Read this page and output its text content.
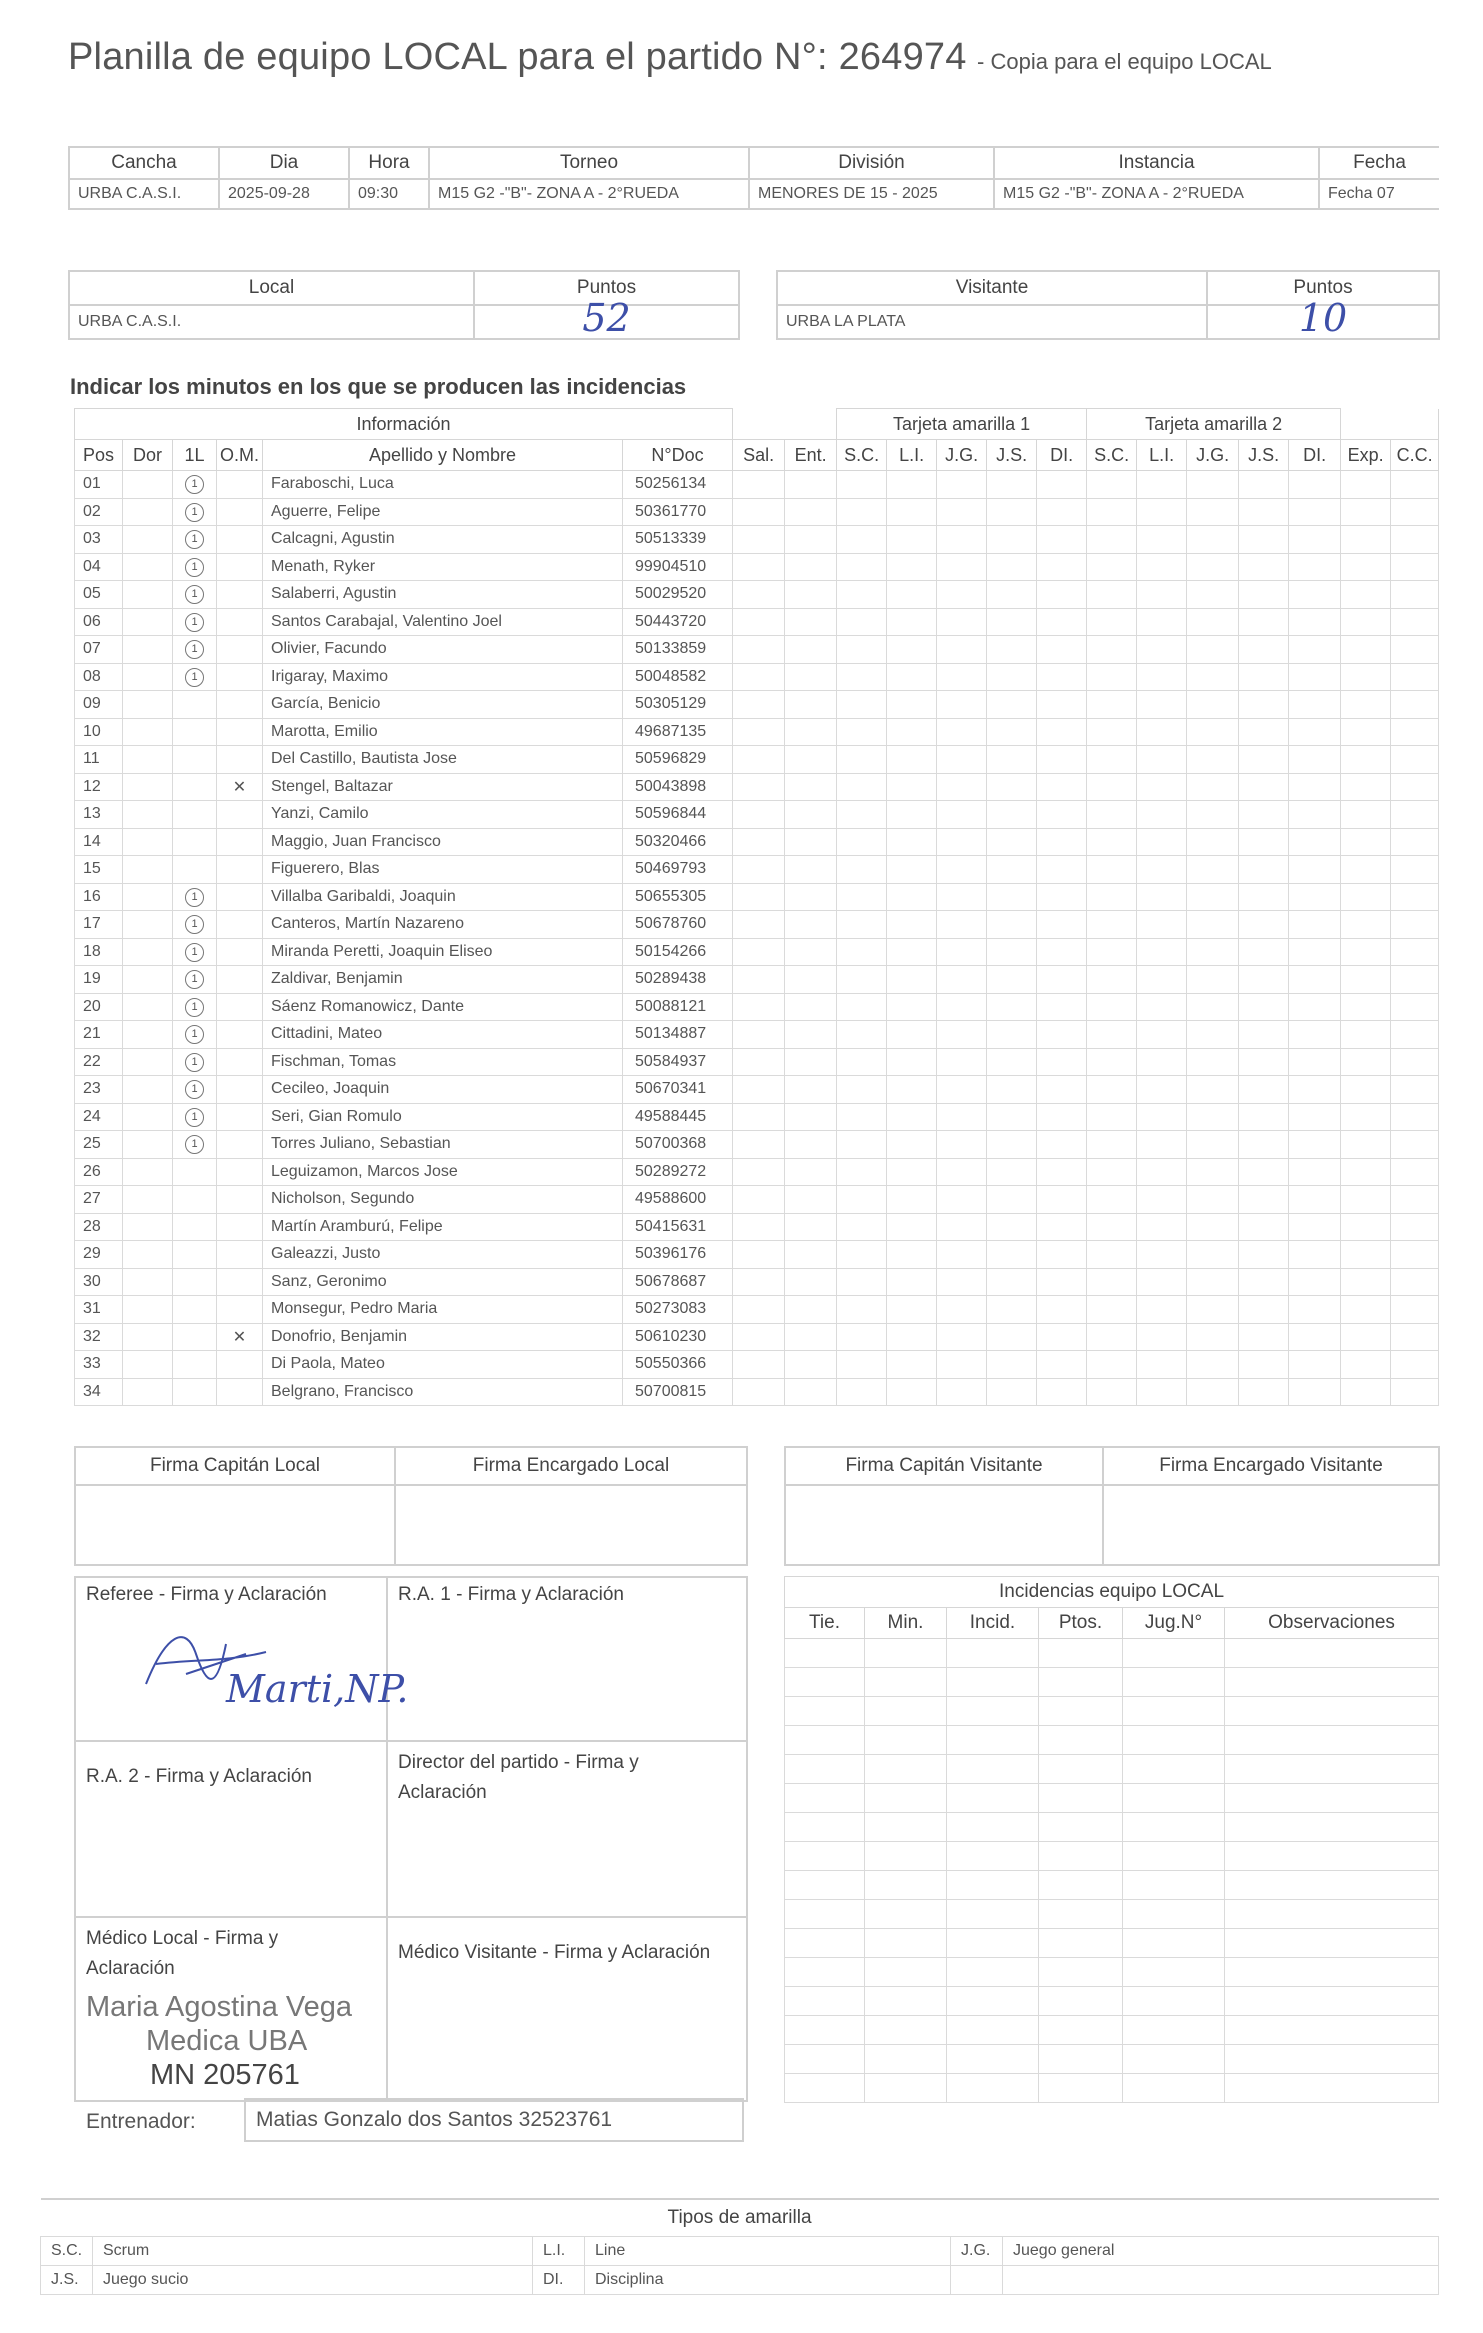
Planilla de equipo LOCAL para el partido N°: 264974 - Copia para el equipo LOCAL
Cancha	Dia	Hora	Torneo	División	Instancia	Fecha
URBA C.A.S.I.	2025-09-28	09:30	M15 G2 -"B"- ZONA A - 2°RUEDA	MENORES DE 15 - 2025	M15 G2 -"B"- ZONA A - 2°RUEDA	Fecha 07
Local	Puntos
URBA C.A.S.I.	52
Visitante	Puntos
URBA LA PLATA	10
Indicar los minutos en los que se producen las incidencias
Información								Tarjeta amarilla 1					Tarjeta amarilla 2						
Pos	Dor	1L	O.M.	Apellido y Nombre	N°Doc	Sal.	Ent.	S.C.	L.I.	J.G.	J.S.	DI.	S.C.	L.I.	J.G.	J.S.	DI.	Exp.	C.C.
01		1		Faraboschi, Luca	50256134														
02		1		Aguerre, Felipe	50361770														
03		1		Calcagni, Agustin	50513339														
04		1		Menath, Ryker	99904510														
05		1		Salaberri, Agustin	50029520														
06		1		Santos Carabajal, Valentino Joel	50443720														
07		1		Olivier, Facundo	50133859														
08		1		Irigaray, Maximo	50048582														
09				García, Benicio	50305129														
10				Marotta, Emilio	49687135														
11				Del Castillo, Bautista Jose	50596829														
12			✕	Stengel, Baltazar	50043898														
13				Yanzi, Camilo	50596844														
14				Maggio, Juan Francisco	50320466														
15				Figuerero, Blas	50469793														
16		1		Villalba Garibaldi, Joaquin	50655305														
17		1		Canteros, Martín Nazareno	50678760														
18		1		Miranda Peretti, Joaquin Eliseo	50154266														
19		1		Zaldivar, Benjamin	50289438														
20		1		Sáenz Romanowicz, Dante	50088121														
21		1		Cittadini, Mateo	50134887														
22		1		Fischman, Tomas	50584937														
23		1		Cecileo, Joaquin	50670341														
24		1		Seri, Gian Romulo	49588445														
25		1		Torres Juliano, Sebastian	50700368														
26				Leguizamon, Marcos Jose	50289272														
27				Nicholson, Segundo	49588600														
28				Martín Aramburú, Felipe	50415631														
29				Galeazzi, Justo	50396176														
30				Sanz, Geronimo	50678687														
31				Monsegur, Pedro Maria	50273083														
32			✕	Donofrio, Benjamin	50610230														
33				Di Paola, Mateo	50550366														
34				Belgrano, Francisco	50700815														
Firma Capitán Local	Firma Encargado Local
		Firma Capitán Visitante	Firma Encargado Visitante

Referee - Firma y Aclaración
Marti,NP.	R.A. 1 - Firma y Aclaración

R.A. 2 - Firma y Aclaración	Director del partido - Firma y Aclaración

Médico Local - Firma y Aclaración
Maria Agostina Vega
Medica UBA
MN 205761	Médico Visitante - Firma y Aclaración
Incidencias equipo LOCAL					
Tie.	Min.	Incid.	Ptos.	Jug.N°	Observaciones

Entrenador:	Matias Gonzalo dos Santos 32523761
Tipos de amarilla					
S.C.	Scrum	L.I.	Line	J.G.	Juego general
J.S.	Juego sucio	DI.	Disciplina		
